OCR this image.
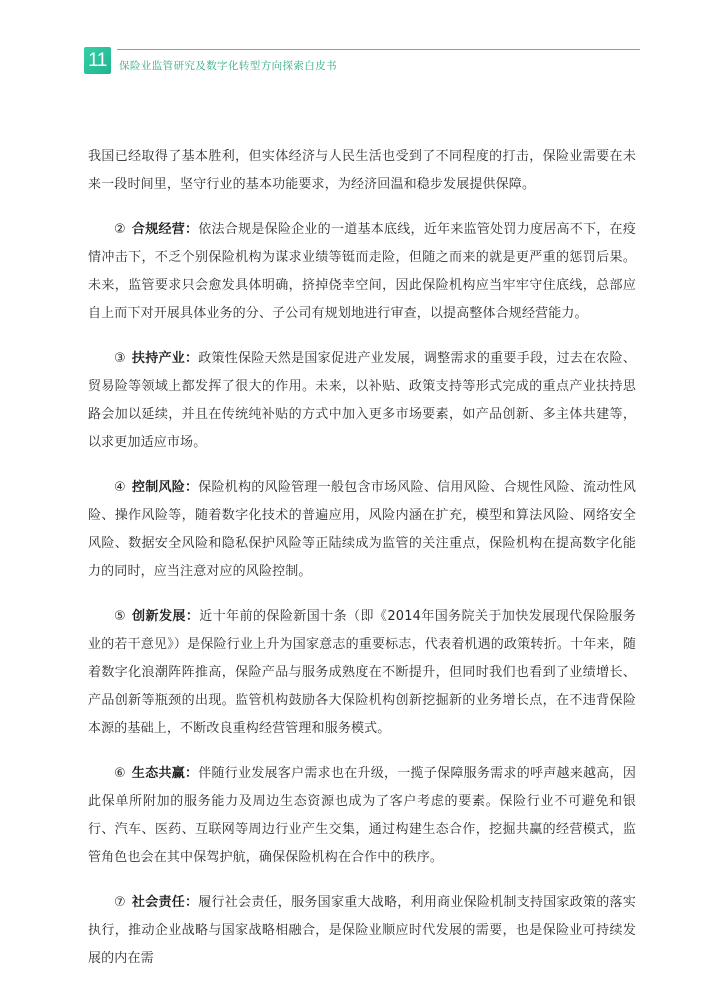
11	保险业监管研究及数字化转型方向探索白皮书

我国已经取得了基本胜利，但实体经济与人民生活也受到了不同程度的打击，保险业需要在未来一段时间里，坚守行业的基本功能要求，为经济回温和稳步发展提供保障。

② 合规经营：依法合规是保险企业的一道基本底线，近年来监管处罚力度居高不下，在疫情冲击下，不乏个别保险机构为谋求业绩等铤而走险，但随之而来的就是更严重的惩罚后果。未来，监管要求只会愈发具体明确，挤掉侥幸空间，因此保险机构应当牢牢守住底线，总部应自上而下对开展具体业务的分、子公司有规划地进行审查，以提高整体合规经营能力。

③ 扶持产业：政策性保险天然是国家促进产业发展，调整需求的重要手段，过去在农险、贸易险等领域上都发挥了很大的作用。未来，以补贴、政策支持等形式完成的重点产业扶持思路会加以延续，并且在传统纯补贴的方式中加入更多市场要素，如产品创新、多主体共建等，以求更加适应市场。

④ 控制风险：保险机构的风险管理一般包含市场风险、信用风险、合规性风险、流动性风险、操作风险等，随着数字化技术的普遍应用，风险内涵在扩充，模型和算法风险、网络安全风险、数据安全风险和隐私保护风险等正陆续成为监管的关注重点，保险机构在提高数字化能力的同时，应当注意对应的风险控制。

⑤ 创新发展：近十年前的保险新国十条（即《2014年国务院关于加快发展现代保险服务业的若干意见》）是保险行业上升为国家意志的重要标志，代表着机遇的政策转折。十年来，随着数字化浪潮阵阵推高，保险产品与服务成熟度在不断提升，但同时我们也看到了业绩增长、产品创新等瓶颈的出现。监管机构鼓励各大保险机构创新挖掘新的业务增长点，在不违背保险本源的基础上，不断改良重构经营管理和服务模式。

⑥ 生态共赢：伴随行业发展客户需求也在升级，一揽子保障服务需求的呼声越来越高，因此保单所附加的服务能力及周边生态资源也成为了客户考虑的要素。保险行业不可避免和银行、汽车、医药、互联网等周边行业产生交集，通过构建生态合作，挖掘共赢的经营模式，监管角色也会在其中保驾护航，确保保险机构在合作中的秩序。

⑦ 社会责任：履行社会责任，服务国家重大战略，利用商业保险机制支持国家政策的落实执行，推动企业战略与国家战略相融合，是保险业顺应时代发展的需要，也是保险业可持续发展的内在需
